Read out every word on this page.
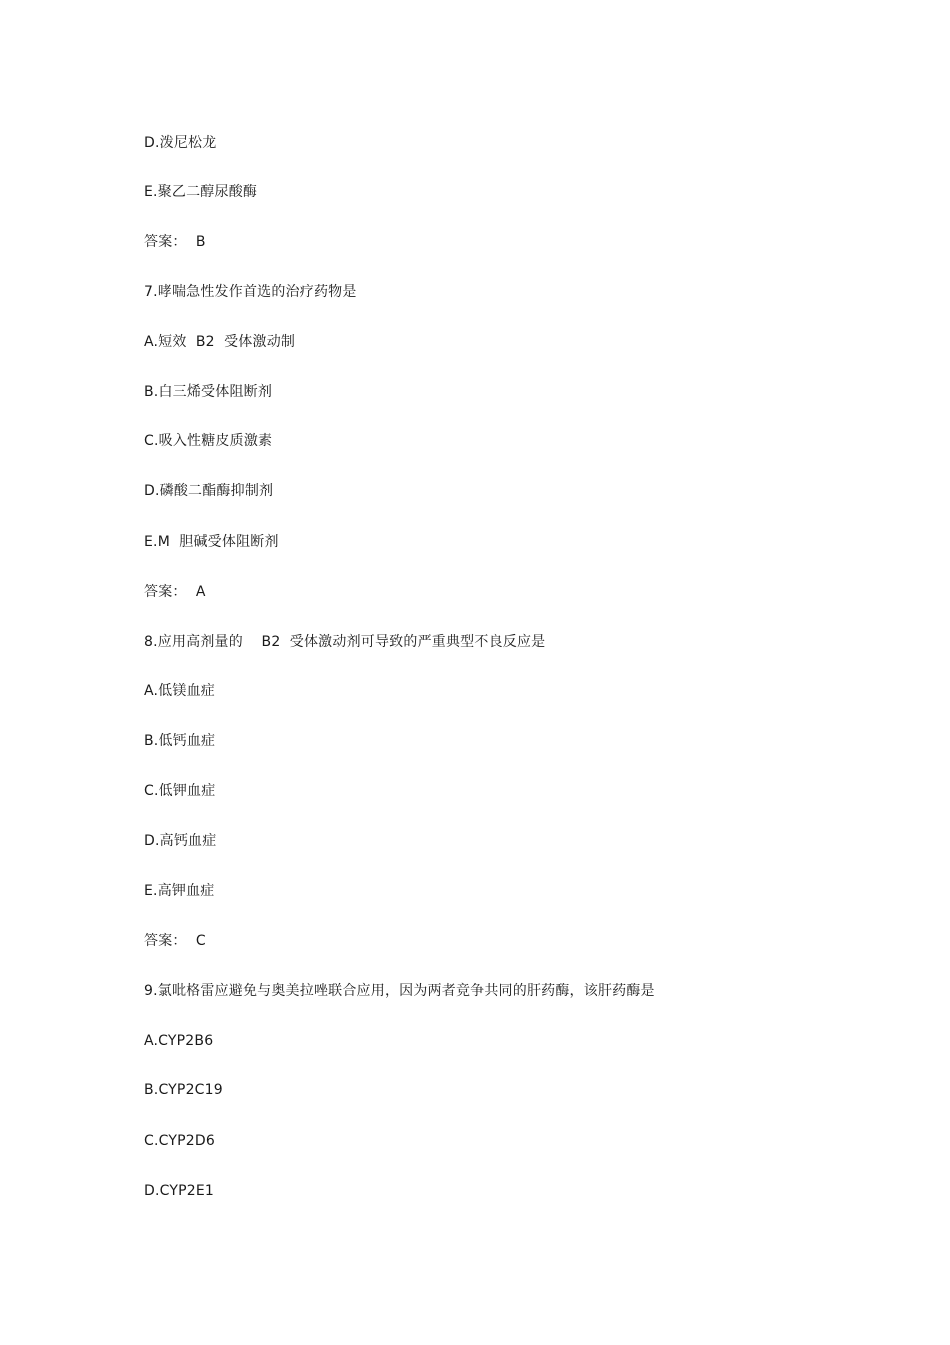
D.泼尼松龙
E.聚乙二醇尿酸酶
答案：  B
7.哮喘急性发作首选的治疗药物是
A.短效  B2  受体激动制
B.白三烯受体阻断剂
C.吸入性糖皮质激素
D.磷酸二酯酶抑制剂
E.M  胆碱受体阻断剂
答案：  A
8.应用高剂量的    B2  受体激动剂可导致的严重典型不良反应是
A.低镁血症
B.低钙血症
C.低钾血症
D.高钙血症
E.高钾血症
答案：  C
9.氯吡格雷应避免与奥美拉唑联合应用，因为两者竞争共同的肝药酶，该肝药酶是
A.CYP2B6
B.CYP2C19
C.CYP2D6
D.CYP2E1
